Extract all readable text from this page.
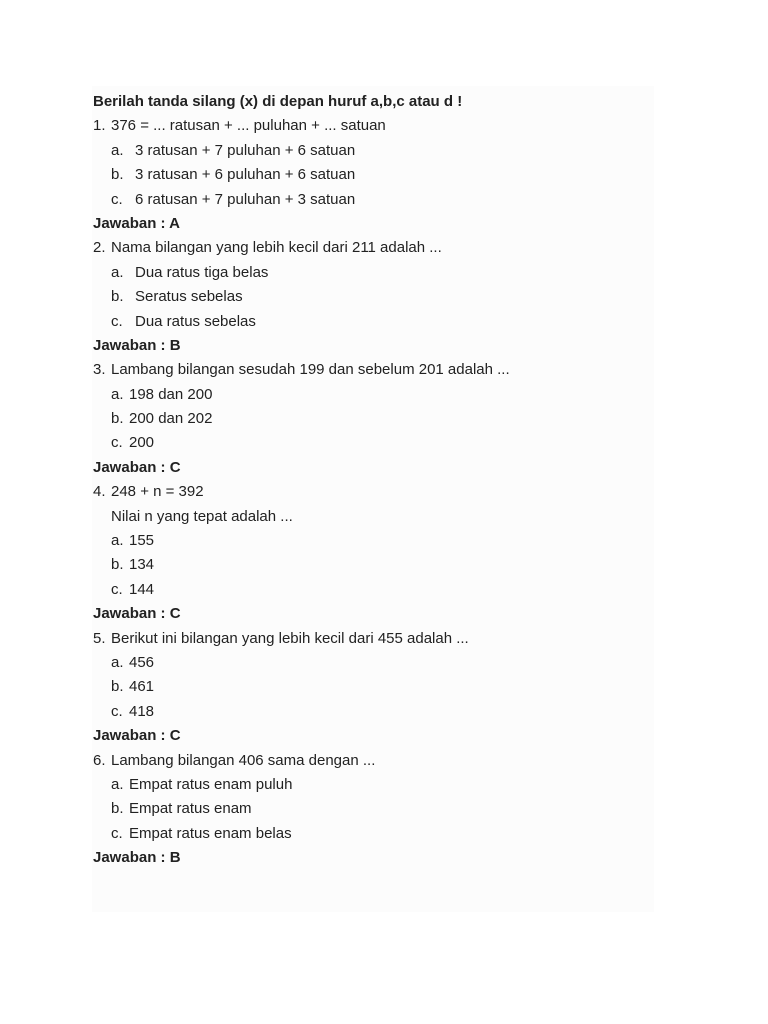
Berilah tanda silang (x) di depan huruf a,b,c atau d !
1. 376 = ... ratusan + ... puluhan + ... satuan
a. 3 ratusan + 7 puluhan + 6 satuan
b. 3 ratusan + 6 puluhan + 6 satuan
c. 6 ratusan + 7 puluhan + 3 satuan
Jawaban : A
2. Nama bilangan yang lebih kecil dari 211 adalah ...
a. Dua ratus tiga belas
b. Seratus sebelas
c. Dua ratus sebelas
Jawaban : B
3. Lambang bilangan sesudah 199 dan sebelum 201 adalah ...
a. 198 dan 200
b. 200 dan 202
c. 200
Jawaban : C
4. 248 + n = 392
Nilai n yang tepat adalah ...
a. 155
b. 134
c. 144
Jawaban : C
5. Berikut ini bilangan yang lebih kecil dari 455 adalah ...
a. 456
b. 461
c. 418
Jawaban : C
6. Lambang bilangan 406 sama dengan ...
a. Empat ratus enam puluh
b. Empat ratus enam
c. Empat ratus enam belas
Jawaban : B
